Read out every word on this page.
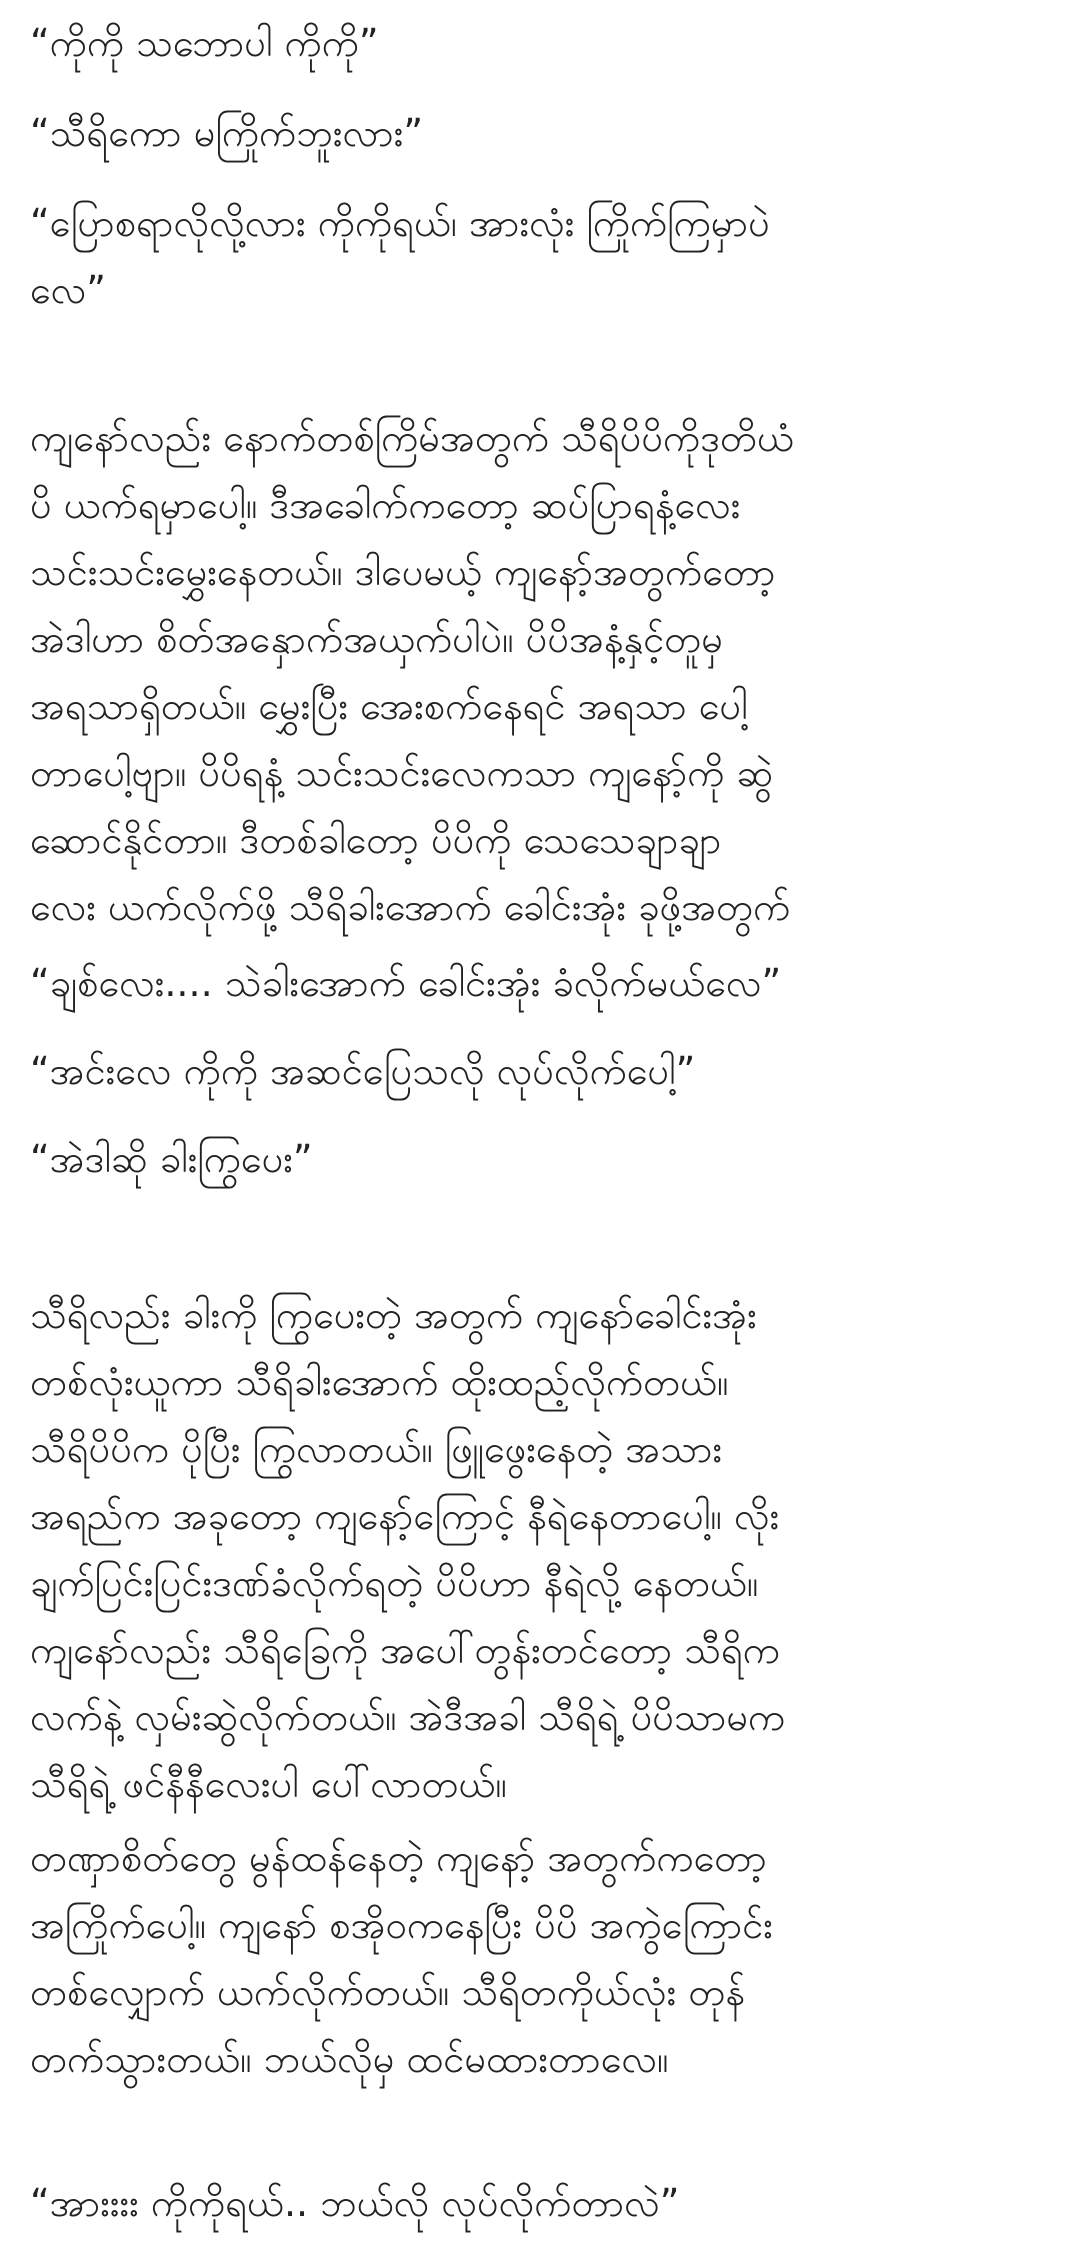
“ကိုကို သဘောပါ ကိုကို”

“သီရိကော မကြိုက်ဘူးလား”

“ပြောစရာလိုလို့လား ကိုကိုရယ်၊ အားလုံး ကြိုက်ကြမှာပဲ
လေ”

ကျနော်လည်း နောက်တစ်ကြိမ်အတွက် သီရိပိပိကိုဒုတိယံ
ပိ ယက်ရမှာပေါ့။ ဒီအခေါက်ကတော့ ဆပ်ပြာရနံ့လေး
သင်းသင်းမွှေးနေတယ်။ ဒါပေမယ့် ကျနော့်အတွက်တော့
အဲဒါဟာ စိတ်အနှောက်အယှက်ပါပဲ။ ပိပိအနံ့နှင့်တူမှ
အရသာရှိတယ်။ မွှေးပြီး အေးစက်နေရင် အရသာ ပေါ့
တာပေါ့ဗျာ။ ပိပိရနံ့ သင်းသင်းလေကသာ ကျနော့်ကို ဆွဲ
ဆောင်နိုင်တာ။ ဒီတစ်ခါတော့ ပိပိကို သေသေချာချာ
လေး ယက်လိုက်ဖို့ သီရိခါးအောက် ခေါင်းအုံး ခုဖို့အတွက်

“ချစ်လေး.... သဲခါးအောက် ခေါင်းအုံး ခံလိုက်မယ်လေ”

“အင်းလေ ကိုကို အဆင်ပြေသလို လုပ်လိုက်ပေါ့”

“အဲဒါဆို ခါးကြွပေး”

သီရိလည်း ခါးကို ကြွပေးတဲ့ အတွက် ကျနော်ခေါင်းအုံး
တစ်လုံးယူကာ သီရိခါးအောက် ထိုးထည့်လိုက်တယ်။
သီရိပိပိက ပိုပြီး ကြွလာတယ်။ ဖြူဖွေးနေတဲ့ အသား
အရည်က အခုတော့ ကျနော့်ကြောင့် နီရဲနေတာပေါ့။ လိုး
ချက်ပြင်းပြင်းဒဏ်ခံလိုက်ရတဲ့ ပိပိဟာ နီရဲလို့ နေတယ်။
ကျနော်လည်း သီရိခြေကို အပေါ်တွန်းတင်တော့ သီရိက
လက်နဲ့ လှမ်းဆွဲလိုက်တယ်။ အဲဒီအခါ သီရိရဲ့ ပိပိသာမက
သီရိရဲ့ ဖင်နီနီလေးပါ ပေါ်လာတယ်။

တဏှာစိတ်တွေ မွန်ထန်နေတဲ့ ကျနော့် အတွက်ကတော့
အကြိုက်ပေါ့။ ကျနော် စအိုဝကနေပြီး ပိပိ အကွဲကြောင်း
တစ်လျှောက် ယက်လိုက်တယ်။ သီရိတကိုယ်လုံး တုန်
တက်သွားတယ်။ ဘယ်လိုမှ ထင်မထားတာလေ။

“အားးးး ကိုကိုရယ်.. ဘယ်လို လုပ်လိုက်တာလဲ”
